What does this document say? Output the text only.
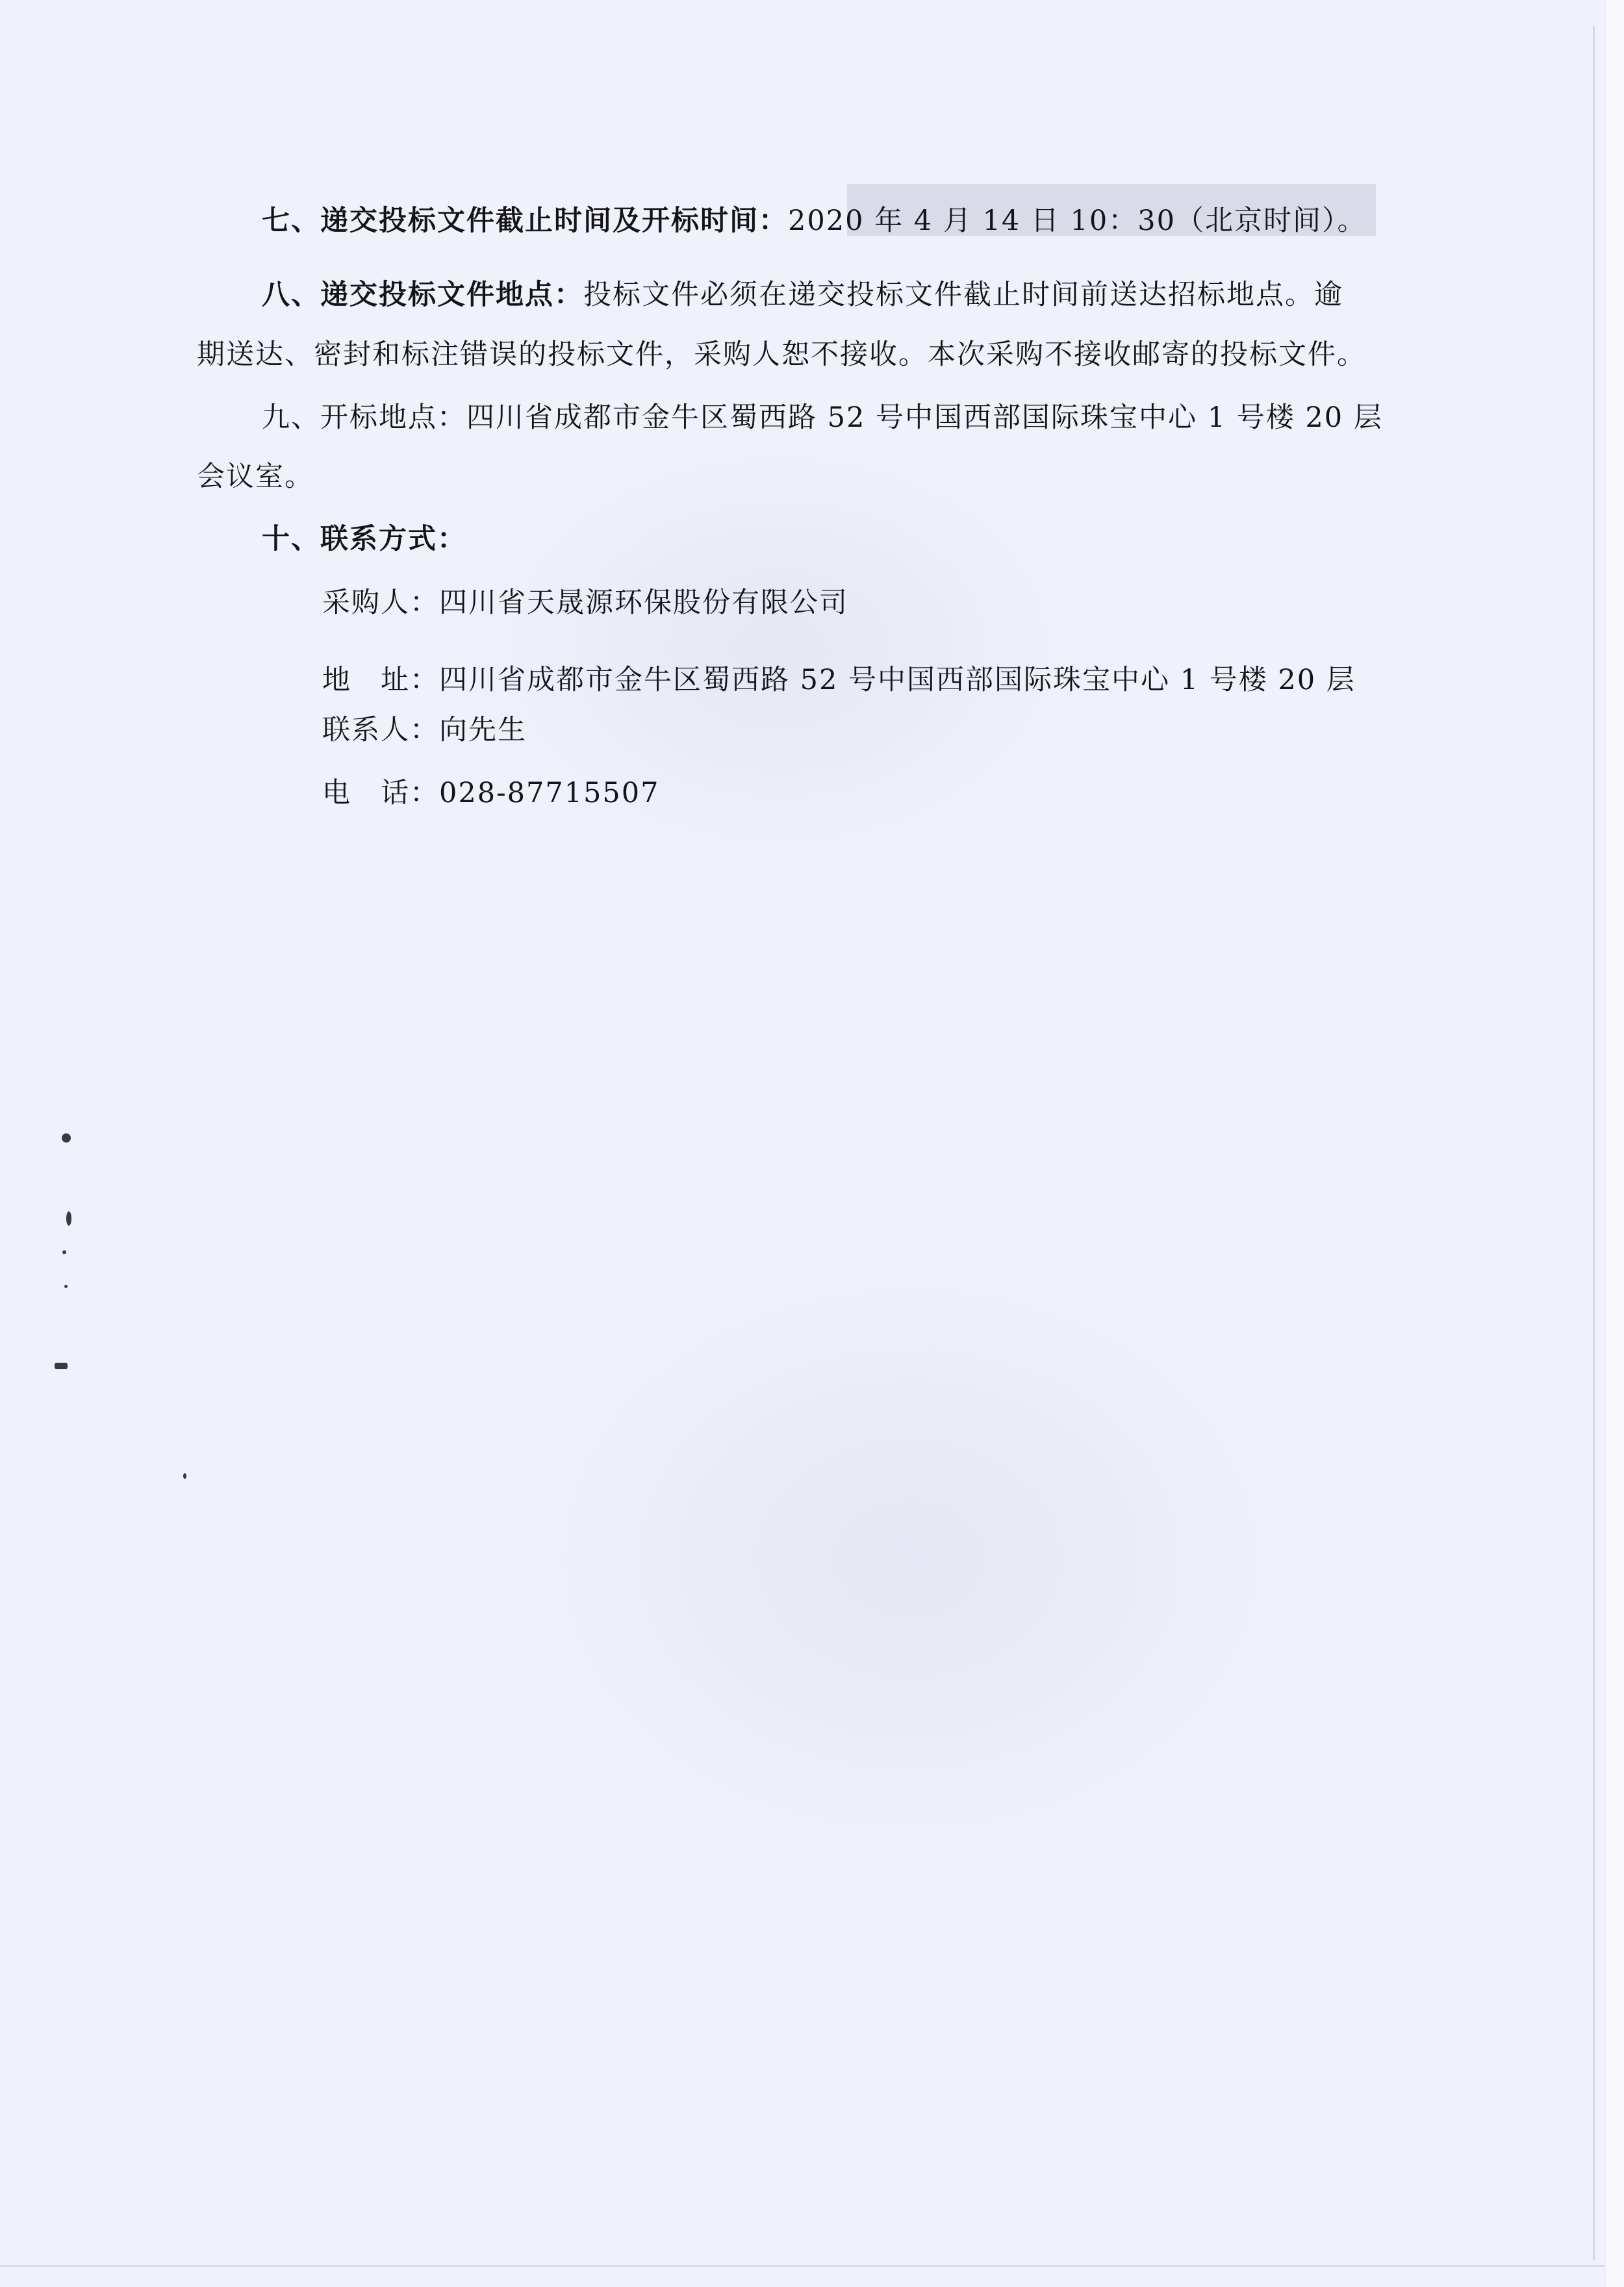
七、递交投标文件截止时间及开标时间：2020 年 4 月 14 日 10：30（北京时间）。
八、递交投标文件地点：投标文件必须在递交投标文件截止时间前送达招标地点。逾
期送达、密封和标注错误的投标文件，采购人恕不接收。本次采购不接收邮寄的投标文件。
九、开标地点：四川省成都市金牛区蜀西路 52 号中国西部国际珠宝中心 1 号楼 20 层
会议室。
十、联系方式：
采购人：四川省天晟源环保股份有限公司
地　址：四川省成都市金牛区蜀西路 52 号中国西部国际珠宝中心 1 号楼 20 层
联系人：向先生
电　话：028-87715507
